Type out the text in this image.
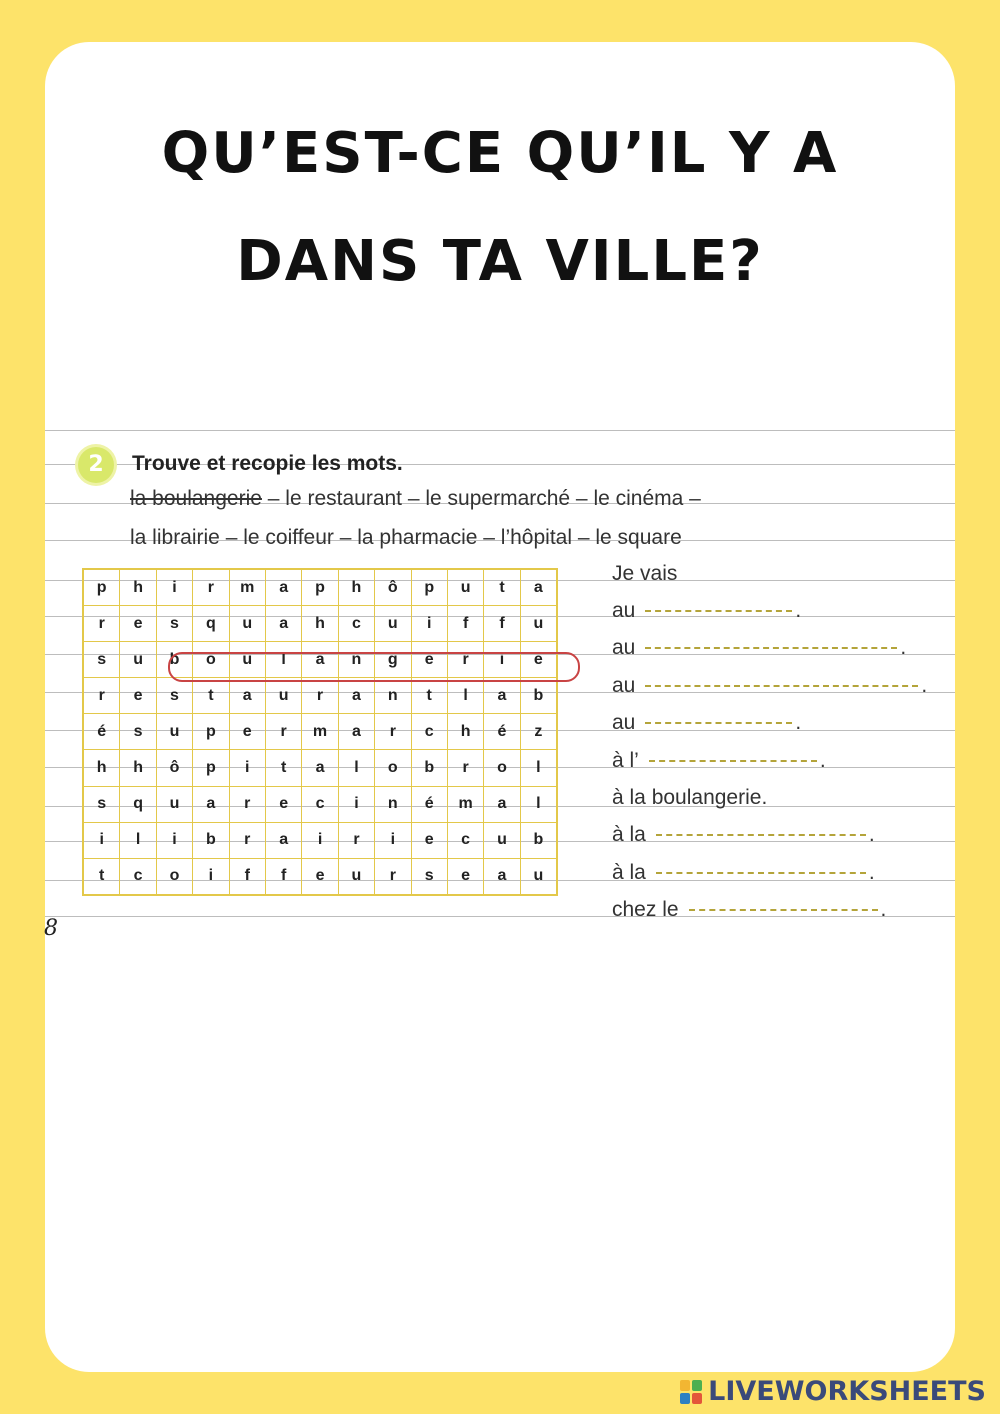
QU’EST-CE QU’IL Y A
DANS TA VILLE?
2	Trouve et recopie les mots.
la boulangerie – le restaurant – le supermarché – le cinéma –
la librairie – le coiffeur – la pharmacie – l’hôpital – le square
p	h	i	r	m	a	p	h	ô	p	u	t	a
r	e	s	q	u	a	h	c	u	i	f	f	u
s	u	b	o	u	l	a	n	g	e	r	i	e
r	e	s	t	a	u	r	a	n	t	l	a	b
é	s	u	p	e	r	m	a	r	c	h	é	z
h	h	ô	p	i	t	a	l	o	b	r	o	l
s	q	u	a	r	e	c	i	n	é	m	a	l
i	l	i	b	r	a	i	r	i	e	c	u	b
t	c	o	i	f	f	e	u	r	s	e	a	u
Je vais
au	.
au	.
au	.
au	.
à l’	.
à la boulangerie.
à la	.
à la	.
chez le	.
8
LIVEWORKSHEETS
